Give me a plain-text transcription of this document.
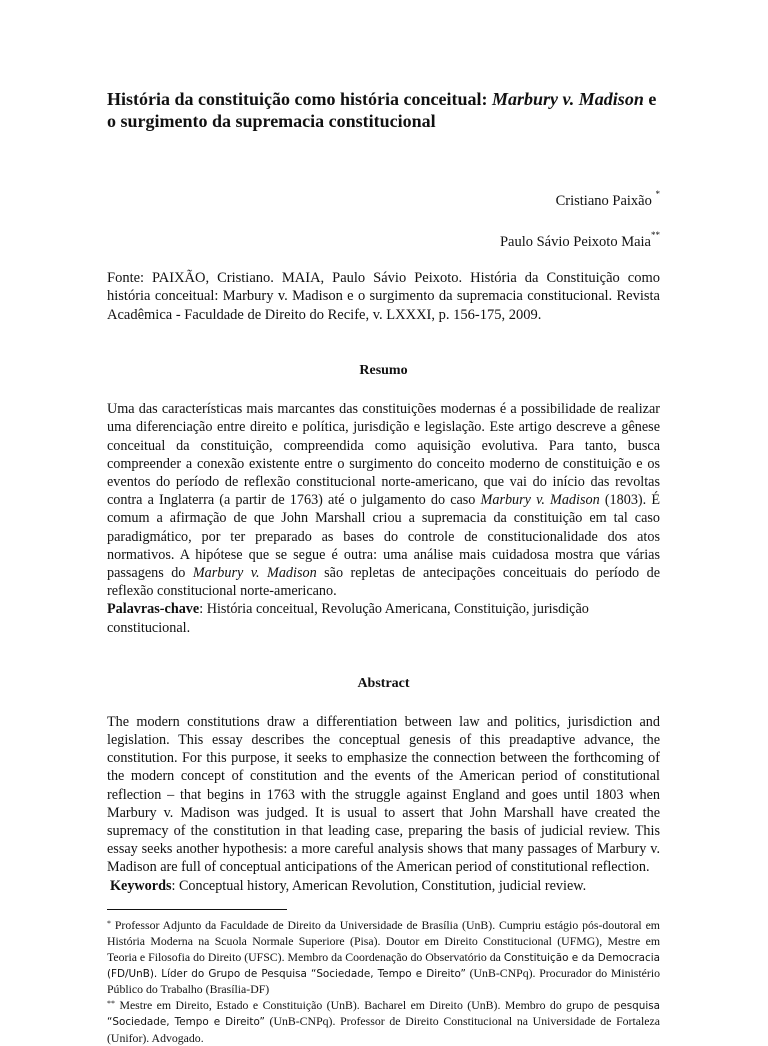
História da constituição como história conceitual: Marbury v. Madison e o surgimento da supremacia constitucional

Cristiano Paixão *

Paulo Sávio Peixoto Maia**

Fonte: PAIXÃO, Cristiano. MAIA, Paulo Sávio Peixoto. História da Constituição como história conceitual: Marbury v. Madison e o surgimento da supremacia constitucional. Revista Acadêmica - Faculdade de Direito do Recife, v. LXXXI, p. 156-175, 2009.

Resumo

Uma das características mais marcantes das constituições modernas é a possibilidade de realizar uma diferenciação entre direito e política, jurisdição e legislação. Este artigo descreve a gênese conceitual da constituição, compreendida como aquisição evolutiva. Para tanto, busca compreender a conexão existente entre o surgimento do conceito moderno de constituição e os eventos do período de reflexão constitucional norte-americano, que vai do início das revoltas contra a Inglaterra (a partir de 1763) até o julgamento do caso Marbury v. Madison (1803). É comum a afirmação de que John Marshall criou a supremacia da constituição em tal caso paradigmático, por ter preparado as bases do controle de constitucionalidade dos atos normativos. A hipótese que se segue é outra: uma análise mais cuidadosa mostra que várias passagens do Marbury v. Madison são repletas de antecipações conceituais do período de reflexão constitucional norte-americano.

Palavras-chave: História conceitual, Revolução Americana, Constituição, jurisdição constitucional.

Abstract

The modern constitutions draw a differentiation between law and politics, jurisdiction and legislation. This essay describes the conceptual genesis of this preadaptive advance, the constitution. For this purpose, it seeks to emphasize the connection between the forthcoming of the modern concept of constitution and the events of the American period of constitutional reflection – that begins in 1763 with the struggle against England and goes until 1803 when Marbury v. Madison was judged. It is usual to assert that John Marshall have created the supremacy of the constitution in that leading case, preparing the basis of judicial review. This essay seeks another hypothesis: a more careful analysis shows that many passages of Marbury v. Madison are full of conceptual anticipations of the American period of constitutional reflection.

Keywords: Conceptual history, American Revolution, Constitution, judicial review.

* Professor Adjunto da Faculdade de Direito da Universidade de Brasília (UnB). Cumpriu estágio pós-doutoral em História Moderna na Scuola Normale Superiore (Pisa). Doutor em Direito Constitucional (UFMG), Mestre em Teoria e Filosofia do Direito (UFSC). Membro da Coordenação do Observatório da Constituição e da Democracia (FD/UnB). Líder do Grupo de Pesquisa “Sociedade, Tempo e Direito” (UnB-CNPq). Procurador do Ministério Público do Trabalho (Brasília-DF)

** Mestre em Direito, Estado e Constituição (UnB). Bacharel em Direito (UnB). Membro do grupo de pesquisa “Sociedade, Tempo e Direito” (UnB-CNPq). Professor de Direito Constitucional na Universidade de Fortaleza (Unifor). Advogado.
